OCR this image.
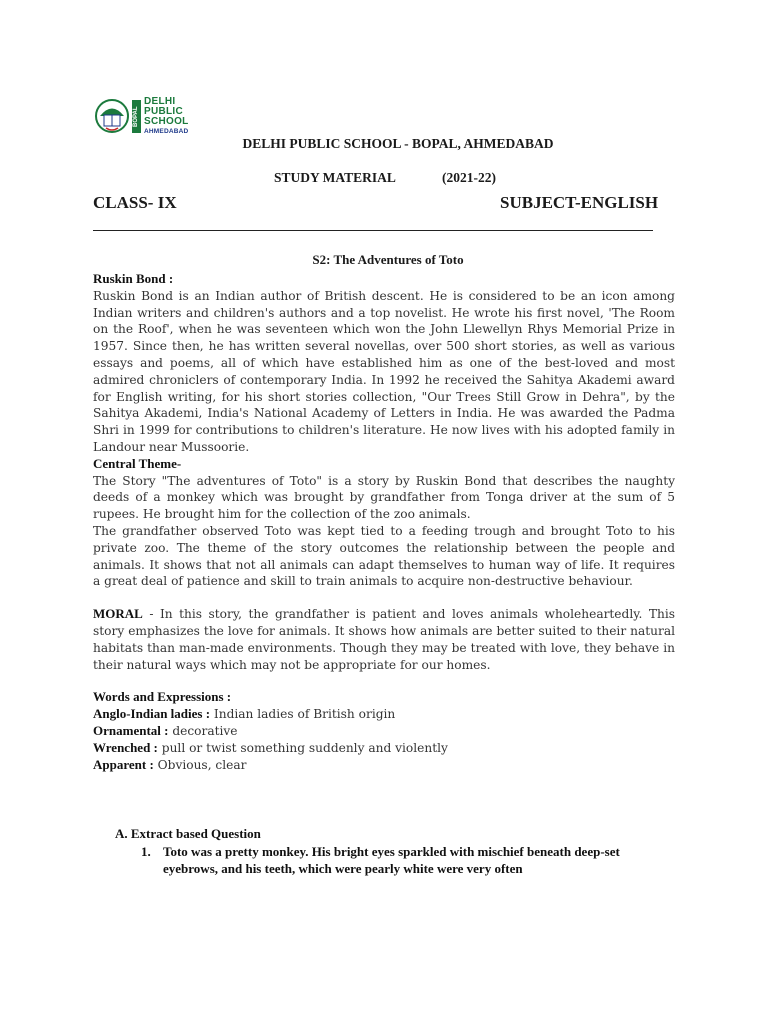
BOPAL
DELHI
PUBLIC
SCHOOL
AHMEDABAD
DELHI PUBLIC SCHOOL - BOPAL, AHMEDABAD
STUDY MATERIAL	(2021-22)
CLASS- IX	SUBJECT-ENGLISH
S2: The Adventures of Toto
Ruskin Bond :

Ruskin Bond is an Indian author of British descent. He is considered to be an icon among Indian writers and children's authors and a top novelist. He wrote his first novel, 'The Room on the Roof', when he was seventeen which won the John Llewellyn Rhys Memorial Prize in 1957. Since then, he has written several novellas, over 500 short stories, as well as various essays and poems, all of which have established him as one of the best-loved and most admired chroniclers of contemporary India. In 1992 he received the Sahitya Akademi award for English writing, for his short stories collection, "Our Trees Still Grow in Dehra", by the Sahitya Akademi, India's National Academy of Letters in India. He was awarded the Padma Shri in 1999 for contributions to children's literature. He now lives with his adopted family in Landour near Mussoorie.

Central Theme-

The Story "The adventures of Toto" is a story by Ruskin Bond that describes the naughty deeds of a monkey which was brought by grandfather from Tonga driver at the sum of 5 rupees. He brought him for the collection of the zoo animals.

The grandfather observed Toto was kept tied to a feeding trough and brought Toto to his private zoo. The theme of the story outcomes the relationship between the people and animals. It shows that not all animals can adapt themselves to human way of life. It requires a great deal of patience and skill to train animals to acquire non-destructive behaviour.

MORAL - In this story, the grandfather is patient and loves animals wholeheartedly. This story emphasizes the love for animals. It shows how animals are better suited to their natural habitats than man-made environments. Though they may be treated with love, they behave in their natural ways which may not be appropriate for our homes.

Words and Expressions :
Anglo-Indian ladies : Indian ladies of British origin
Ornamental : decorative
Wrenched : pull or twist something suddenly and violently
Apparent : Obvious, clear
A. Extract based Question
1. Toto was a pretty monkey. His bright eyes sparkled with mischief beneath deep-set eyebrows, and his teeth, which were pearly white were very often
